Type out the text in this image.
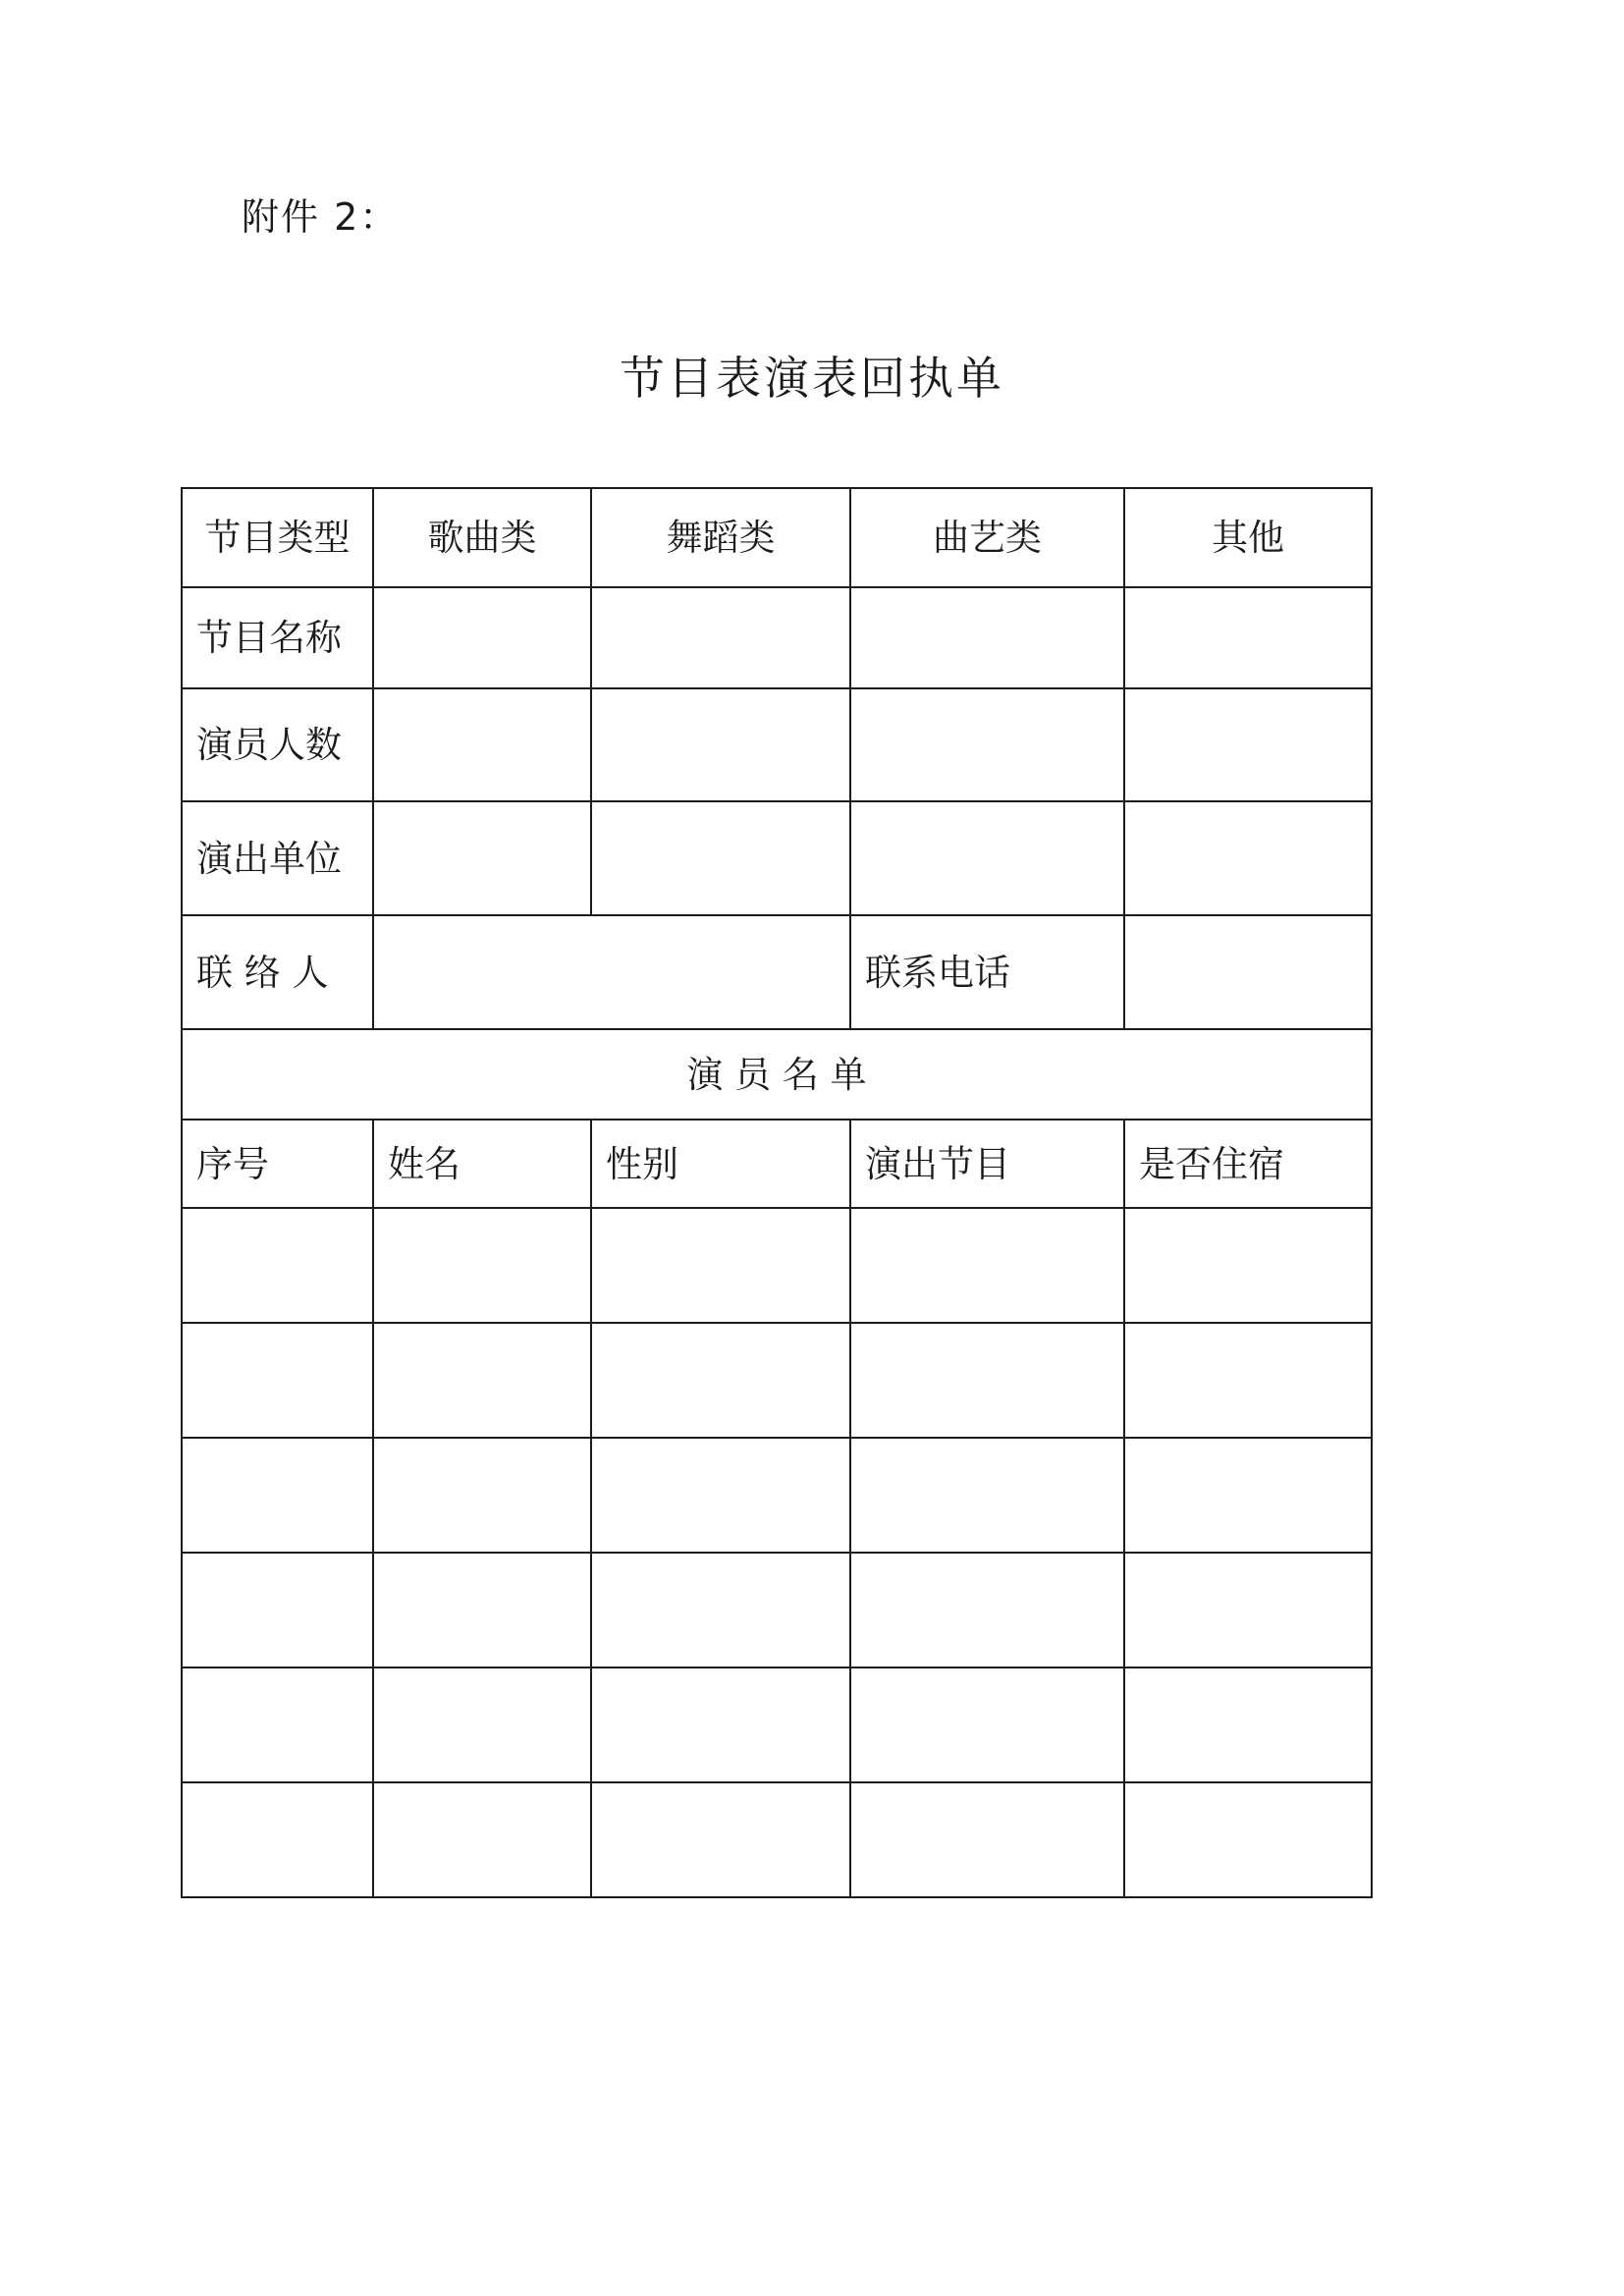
附件 2：
节目表演表回执单
节目类型	歌曲类	舞蹈类	曲艺类	其他
节目名称				
演员人数				
演出单位				
联 络 人			联系电话	
演 员 名 单				
序号	姓名	性别	演出节目	是否住宿
